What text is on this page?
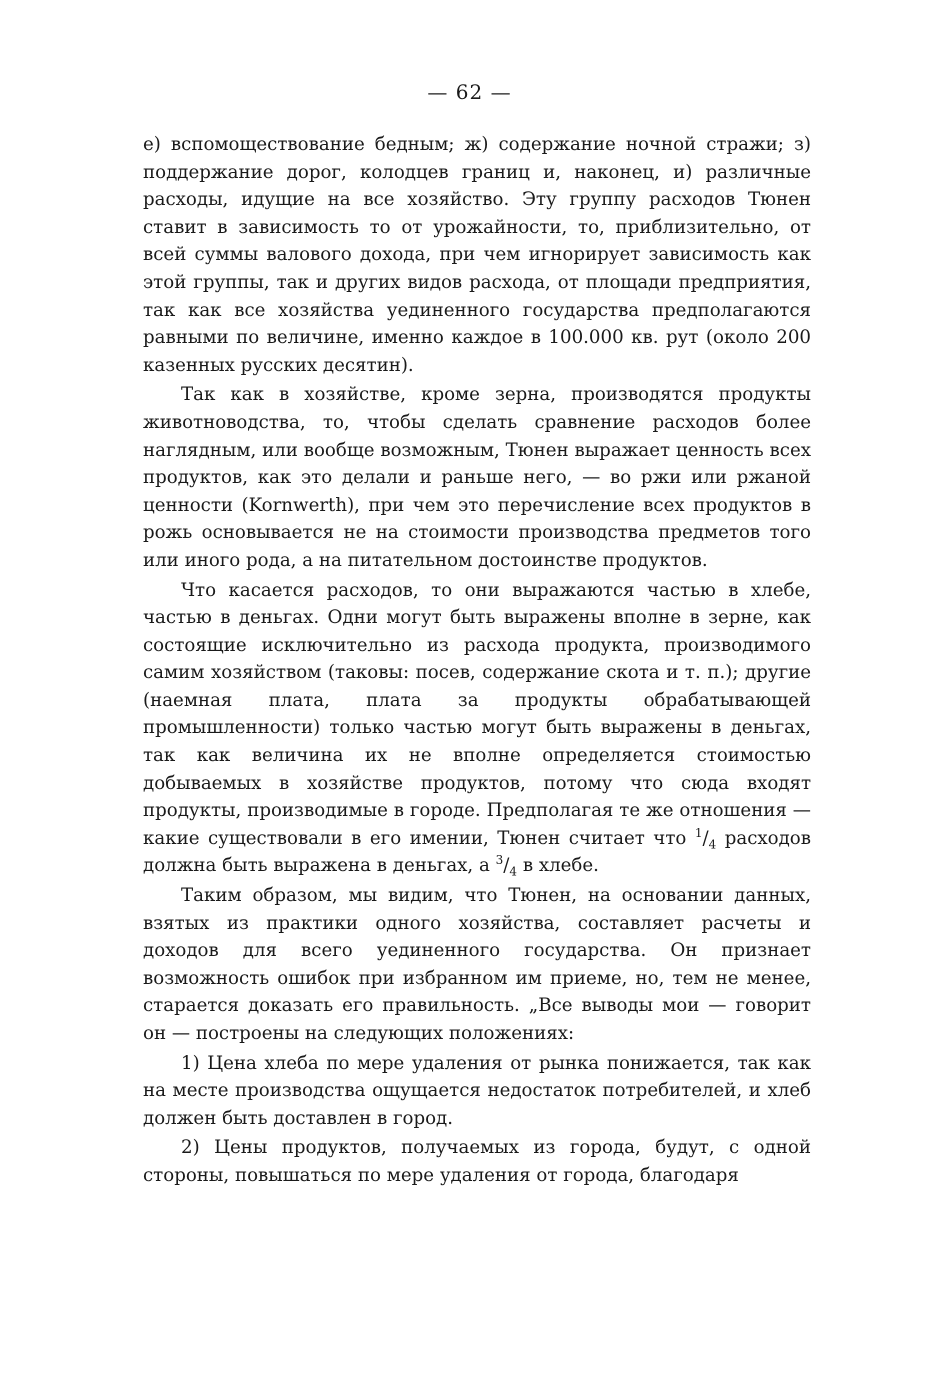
— 62 —

е) вспомоществование бедным; ж) содержание ночной стражи; з) поддержание дорог, колодцев границ и, наконец, и) различные расходы, идущие на все хозяйство. Эту группу расходов Тюнен ставит в зависимость то от урожайности, то, приблизительно, от всей суммы валового дохода, при чем игнорирует зависимость как этой группы, так и других видов расхода, от площади предприятия, так как все хозяйства уединенного государства предполагаются равными по величине, именно каждое в 100.000 кв. рут (около 200 казенных русских десятин).

Так как в хозяйстве, кроме зерна, производятся продукты животноводства, то, чтобы сделать сравнение расходов более наглядным, или вообще возможным, Тюнен выражает ценность всех продуктов, как это делали и раньше него, — во ржи или ржаной ценности (Kornwerth), при чем это перечисление всех продуктов в рожь основывается не на стоимости производства предметов того или иного рода, а на питательном достоинстве продуктов.

Что касается расходов, то они выражаются частью в хлебе, частью в деньгах. Одни могут быть выражены вполне в зерне, как состоящие исключительно из расхода продукта, производимого самим хозяйством (таковы: посев, содержание скота и т. п.); другие (наемная плата, плата за продукты обрабатывающей промышленности) только частью могут быть выражены в деньгах, так как величина их не вполне определяется стоимостью добываемых в хозяйстве продуктов, потому что сюда входят продукты, производимые в городе. Предполагая те же отношения — какие существовали в его имении, Тюнен считает что $^1/_4$ расходов должна быть выражена в деньгах, а $^3/_4$ в хлебе.

Таким образом, мы видим, что Тюнен, на основании данных, взятых из практики одного хозяйства, составляет расчеты и доходов для всего уединенного государства. Он признает возможность ошибок при избранном им приеме, но, тем не менее, старается доказать его правильность. „Все выводы мои — говорит он — построены на следующих положениях:

1) Цена хлеба по мере удаления от рынка понижается, так как на месте производства ощущается недостаток потребителей, и хлеб должен быть доставлен в город.

2) Цены продуктов, получаемых из города, будут, с одной стороны, повышаться по мере удаления от города, благодаря
